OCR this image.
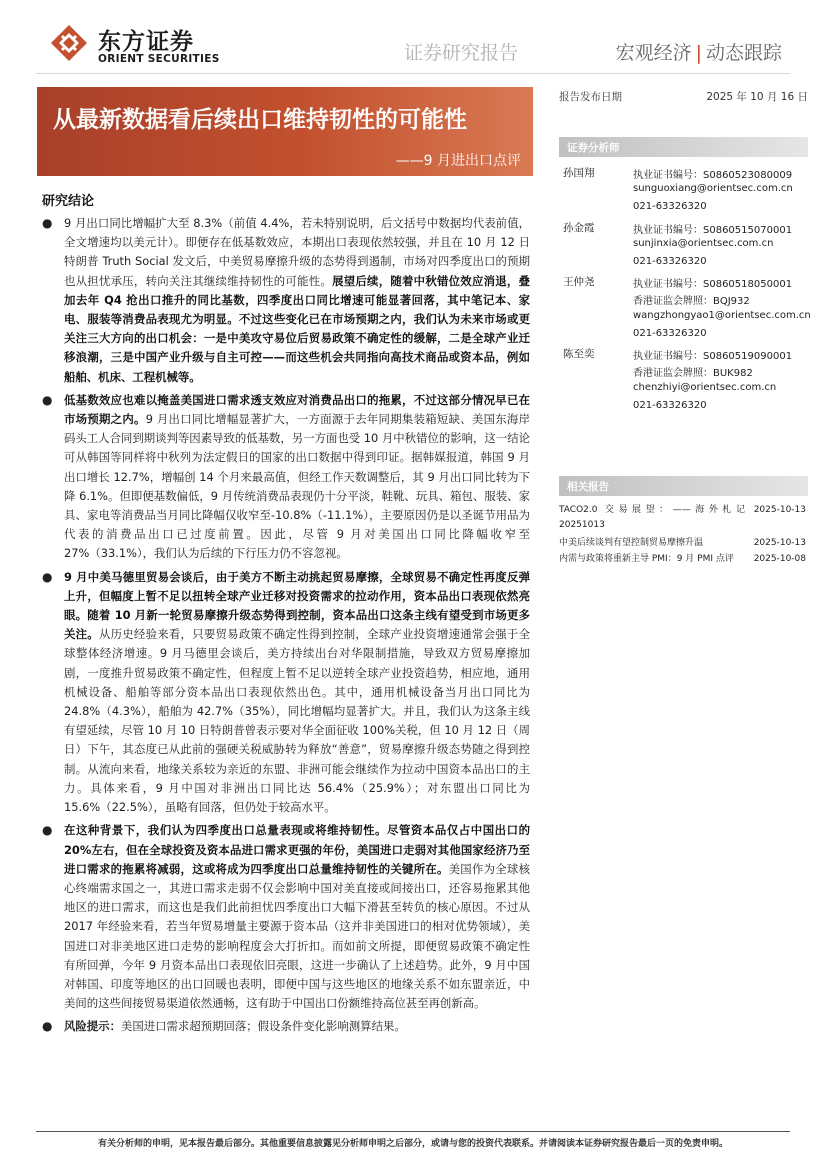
东方证券
ORIENT SECURITIES	证券研究报告	宏观经济 | 动态跟踪
从最新数据看后续出口维持韧性的可能性
——9 月进出口点评
报告发布日期	2025 年 10 月 16 日
证券分析师
孙国翔	执业证书编号：S0860523080009
sunguoxiang@orientsec.com.cn
021-63326320
孙金霞	执业证书编号：S0860515070001
sunjinxia@orientsec.com.cn
021-63326320
王仲尧	执业证书编号：S0860518050001
香港证监会牌照：BQJ932
wangzhongyao1@orientsec.com.cn
021-63326320
陈至奕	执业证书编号：S0860519090001
香港证监会牌照：BUK982
chenzhiyi@orientsec.com.cn
021-63326320
相关报告
TACO2.0 交易展望：——海外札记 20251013
2025-10-13
中美后续谈判有望控制贸易摩擦升温	2025-10-13
内需与政策将重新主导 PMI：9 月 PMI 点评	2025-10-08
研究结论
● 9 月出口同比增幅扩大至 8.3%（前值 4.4%，若未特别说明，后文括号中数据均代表前值，全文增速均以美元计）。即便存在低基数效应，本期出口表现依然较强，并且在 10 月 12 日特朗普 Truth Social 发文后，中美贸易摩擦升级的态势得到遏制，市场对四季度出口的预期也从担忧承压，转向关注其继续维持韧性的可能性。展望后续，随着中秋错位效应消退，叠加去年 Q4 抢出口推升的同比基数，四季度出口同比增速可能显著回落，其中笔记本、家电、服装等消费品表现尤为明显。不过这些变化已在市场预期之内，我们认为未来市场或更关注三大方向的出口机会：一是中美攻守易位后贸易政策不确定性的缓解，二是全球产业迁移浪潮，三是中国产业升级与自主可控——而这些机会共同指向高技术商品或资本品，例如船舶、机床、工程机械等。
● 低基数效应也难以掩盖美国进口需求透支效应对消费品出口的拖累，不过这部分情况早已在市场预期之内。9 月出口同比增幅显著扩大，一方面源于去年同期集装箱短缺、美国东海岸码头工人合同到期谈判等因素导致的低基数，另一方面也受 10 月中秋错位的影响，这一结论可从韩国等同样将中秋列为法定假日的国家的出口数据中得到印证。据韩媒报道，韩国 9 月出口增长 12.7%，增幅创 14 个月来最高值，但经工作天数调整后，其 9 月出口同比转为下降 6.1%。但即便基数偏低，9 月传统消费品表现仍十分平淡，鞋靴、玩具、箱包、服装、家具、家电等消费品当月同比降幅仅收窄至-10.8%（-11.1%），主要原因仍是以圣诞节用品为代表的消费品出口已过度前置。因此，尽管 9 月对美国出口同比降幅收窄至 27%（33.1%），我们认为后续的下行压力仍不容忽视。
● 9 月中美马德里贸易会谈后，由于美方不断主动挑起贸易摩擦，全球贸易不确定性再度反弹上升，但幅度上暂不足以扭转全球产业迁移对投资需求的拉动作用，资本品出口表现依然亮眼。随着 10 月新一轮贸易摩擦升级态势得到控制，资本品出口这条主线有望受到市场更多关注。从历史经验来看，只要贸易政策不确定性得到控制，全球产业投资增速通常会强于全球整体经济增速。9 月马德里会谈后，美方持续出台对华限制措施，导致双方贸易摩擦加剧，一度推升贸易政策不确定性，但程度上暂不足以逆转全球产业投资趋势，相应地，通用机械设备、船舶等部分资本品出口表现依然出色。其中，通用机械设备当月出口同比为 24.8%（4.3%），船舶为 42.7%（35%），同比增幅均显著扩大。并且，我们认为这条主线有望延续，尽管 10 月 10 日特朗普曾表示要对华全面征收 100%关税，但 10 月 12 日（周日）下午，其态度已从此前的强硬关税威胁转为释放“善意”，贸易摩擦升级态势随之得到控制。从流向来看，地缘关系较为亲近的东盟、非洲可能会继续作为拉动中国资本品出口的主力。具体来看，9 月中国对非洲出口同比达 56.4%（25.9%）；对东盟出口同比为 15.6%（22.5%），虽略有回落，但仍处于较高水平。
● 在这种背景下，我们认为四季度出口总量表现或将维持韧性。尽管资本品仅占中国出口的 20%左右，但在全球投资及资本品进口需求更强的年份，美国进口走弱对其他国家经济乃至进口需求的拖累将减弱，这或将成为四季度出口总量维持韧性的关键所在。美国作为全球核心终端需求国之一，其进口需求走弱不仅会影响中国对美直接或间接出口，还容易拖累其他地区的进口需求，而这也是我们此前担忧四季度出口大幅下滑甚至转负的核心原因。不过从 2017 年经验来看，若当年贸易增量主要源于资本品（这并非美国进口的相对优势领域），美国进口对非美地区进口走势的影响程度会大打折扣。而如前文所提，即便贸易政策不确定性有所回弹，今年 9 月资本品出口表现依旧亮眼，这进一步确认了上述趋势。此外，9 月中国对韩国、印度等地区的出口回暖也表明，即便中国与这些地区的地缘关系不如东盟亲近，中美间的这些间接贸易渠道依然通畅，这有助于中国出口份额维持高位甚至再创新高。
● 风险提示：美国进口需求超预期回落；假设条件变化影响测算结果。
有关分析师的申明，见本报告最后部分。其他重要信息披露见分析师申明之后部分，或请与您的投资代表联系。并请阅读本证券研究报告最后一页的免责申明。
